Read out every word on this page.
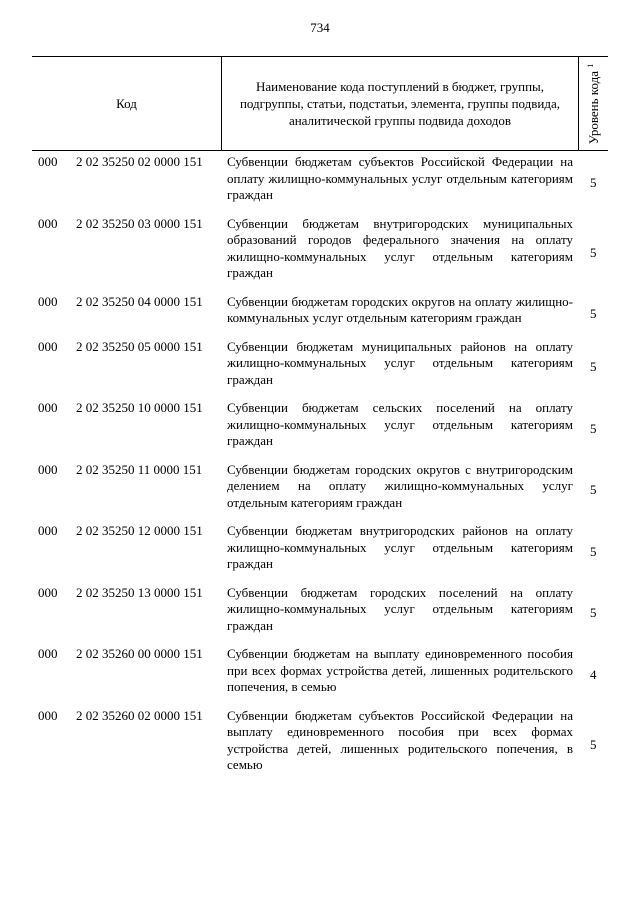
734
Код
Наименование кода поступлений в бюджет, группы, подгруппы, статьи, подстатьи, элемента, группы подвида, аналитической группы подвида доходов	Уровень кода $^1$
000 2 02 35250 02 0000 151 Субвенции бюджетам субъектов Российской Федерации на оплату жилищно-коммунальных услуг отдельным категориям граждан
5
000 2 02 35250 03 0000 151 Субвенции бюджетам внутригородских муниципальных образований городов федерального значения на оплату жилищно-коммунальных услуг отдельным категориям граждан
5
000 2 02 35250 04 0000 151 Субвенции бюджетам городских округов на оплату жилищно-коммунальных услуг отдельным категориям граждан	5
000 2 02 35250 05 0000 151 Субвенции бюджетам муниципальных районов на оплату жилищно-коммунальных услуг отдельным категориям граждан
5
000 2 02 35250 10 0000 151 Субвенции бюджетам сельских поселений на оплату жилищно-коммунальных услуг отдельным категориям граждан
5
000 2 02 35250 11 0000 151 Субвенции бюджетам городских округов с внутригородским делением на оплату жилищно-коммунальных услуг отдельным категориям граждан
5
000 2 02 35250 12 0000 151 Субвенции бюджетам внутригородских районов на оплату жилищно-коммунальных услуг отдельным категориям граждан
5
000 2 02 35250 13 0000 151 Субвенции бюджетам городских поселений на оплату жилищно-коммунальных услуг отдельным категориям граждан
5
000 2 02 35260 00 0000 151 Субвенции бюджетам на выплату единовременного пособия при всех формах устройства детей, лишенных родительского попечения, в семью
4
000 2 02 35260 02 0000 151 Субвенции бюджетам субъектов Российской Федерации на выплату единовременного пособия при всех формах устройства детей, лишенных родительского попечения, в семью
5
